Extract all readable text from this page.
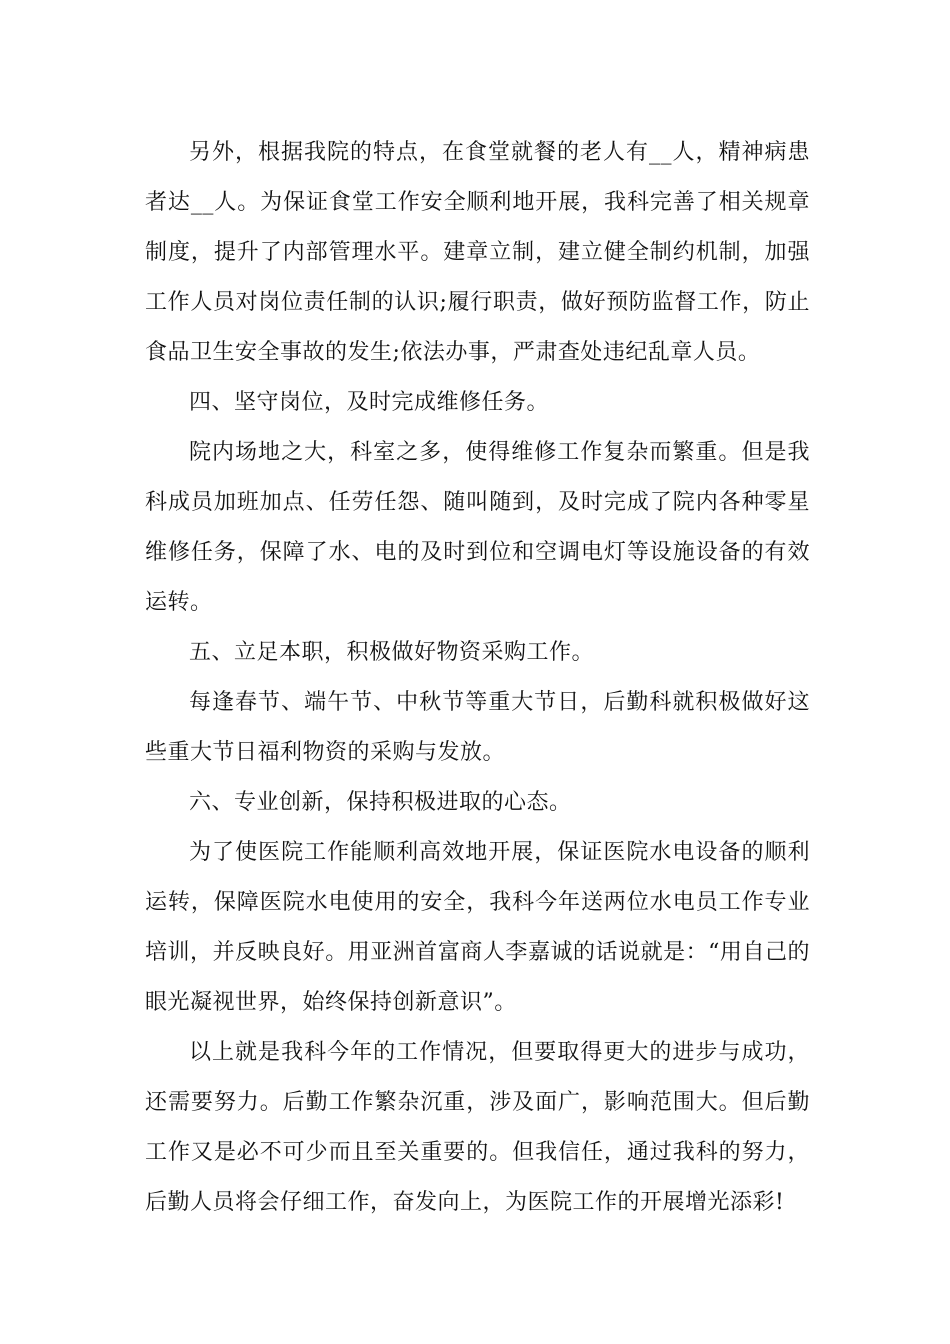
另外，根据我院的特点，在食堂就餐的老人有__人，精神病患者达__人。为保证食堂工作安全顺利地开展，我科完善了相关规章制度，提升了内部管理水平。建章立制，建立健全制约机制，加强工作人员对岗位责任制的认识;履行职责，做好预防监督工作，防止食品卫生安全事故的发生;依法办事，严肃查处违纪乱章人员。

四、坚守岗位，及时完成维修任务。

院内场地之大，科室之多，使得维修工作复杂而繁重。但是我科成员加班加点、任劳任怨、随叫随到，及时完成了院内各种零星维修任务，保障了水、电的及时到位和空调电灯等设施设备的有效运转。

五、立足本职，积极做好物资采购工作。

每逢春节、端午节、中秋节等重大节日，后勤科就积极做好这些重大节日福利物资的采购与发放。

六、专业创新，保持积极进取的心态。

为了使医院工作能顺利高效地开展，保证医院水电设备的顺利运转，保障医院水电使用的安全，我科今年送两位水电员工作专业培训，并反映良好。用亚洲首富商人李嘉诚的话说就是：“用自己的眼光凝视世界，始终保持创新意识”。

以上就是我科今年的工作情况，但要取得更大的进步与成功，还需要努力。后勤工作繁杂沉重，涉及面广，影响范围大。但后勤工作又是必不可少而且至关重要的。但我信任，通过我科的努力，后勤人员将会仔细工作，奋发向上，为医院工作的开展增光添彩!
